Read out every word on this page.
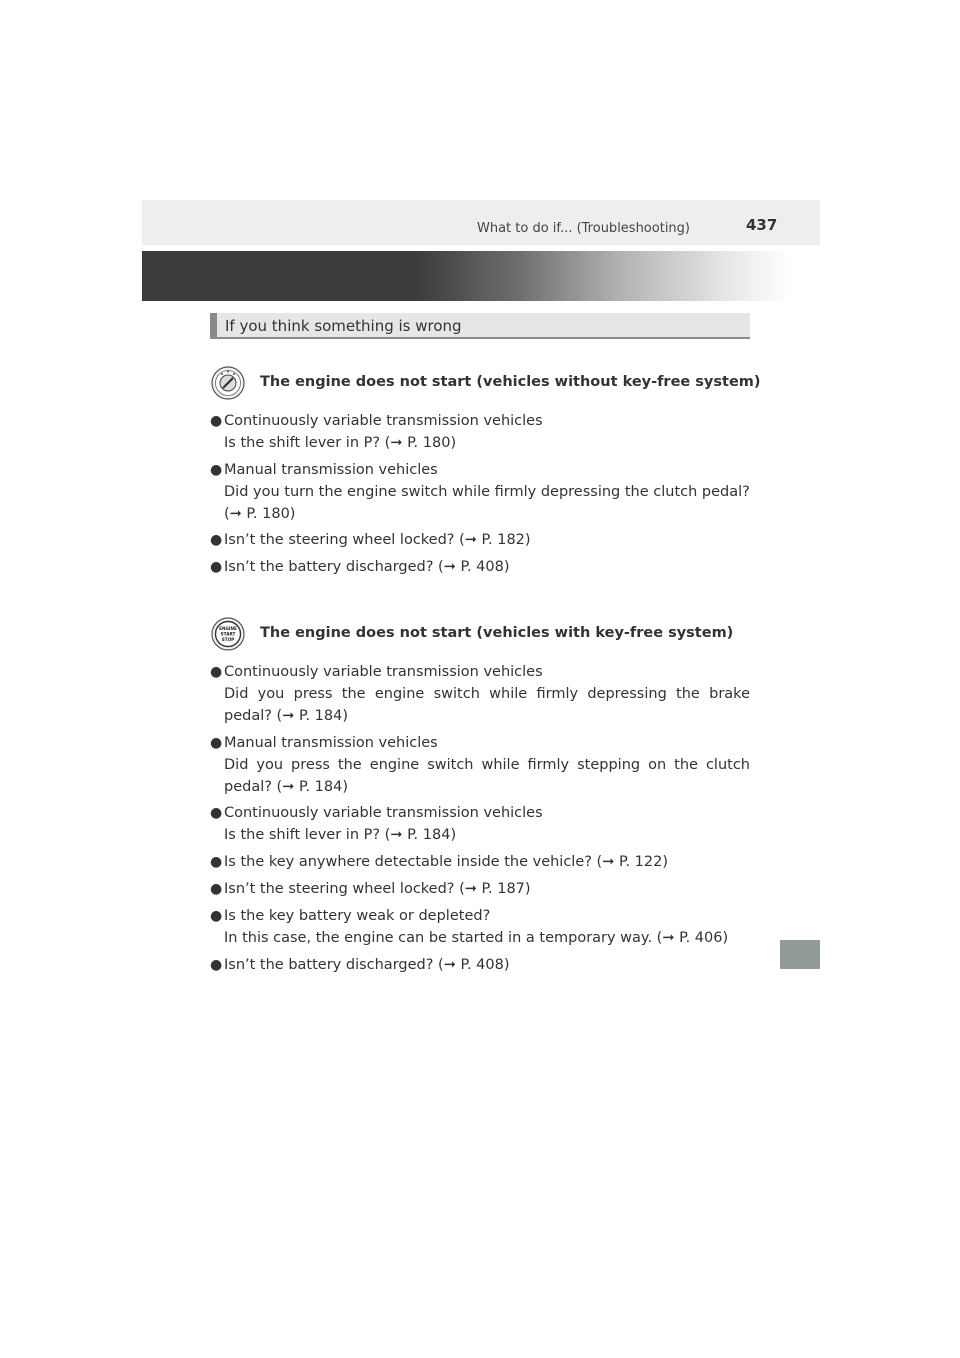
What to do if... (Troubleshooting)	437
If you think something is wrong
The engine does not start (vehicles without key-free system)
● Continuously variable transmission vehicles
Is the shift lever in P? (➞ P. 180)
● Manual transmission vehicles
Did you turn the engine switch while firmly depressing the clutch pedal?
(➞ P. 180)
● Isn’t the steering wheel locked? (➞ P. 182)
● Isn’t the battery discharged? (➞ P. 408)
ENGINE
START
STOP The engine does not start (vehicles with key-free system)
● Continuously variable transmission vehicles
Did you press the engine switch while firmly depressing the brake
pedal? (➞ P. 184)
● Manual transmission vehicles
Did you press the engine switch while firmly stepping on the clutch
pedal? (➞ P. 184)
● Continuously variable transmission vehicles
Is the shift lever in P? (➞ P. 184)
● Is the key anywhere detectable inside the vehicle? (➞ P. 122)
● Isn’t the steering wheel locked? (➞ P. 187)
● Is the key battery weak or depleted?
In this case, the engine can be started in a temporary way. (➞ P. 406)
● Isn’t the battery discharged? (➞ P. 408)
